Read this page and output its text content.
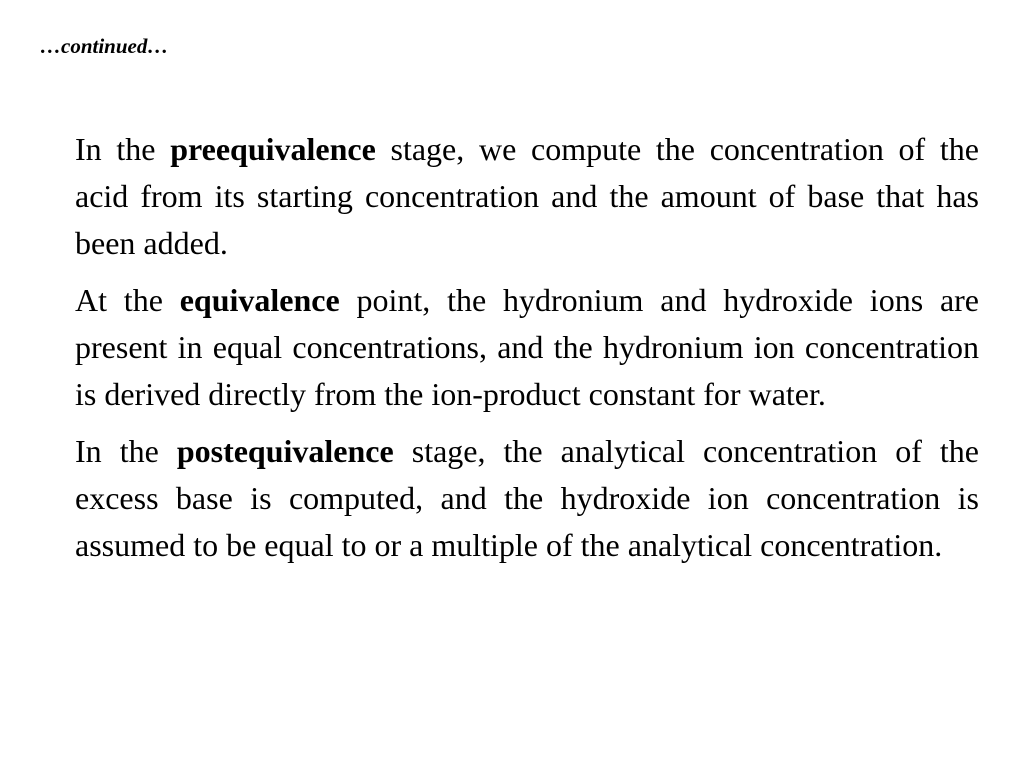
…continued…

In the preequivalence stage, we compute the concentration of the acid from its starting concentration and the amount of base that has been added.

At the equivalence point, the hydronium and hydroxide ions are present in equal concentrations, and the hydronium ion concentration is derived directly from the ion-product constant for water.

In the postequivalence stage, the analytical concentration of the excess base is computed, and the hydroxide ion concentration is assumed to be equal to or a multiple of the analytical concentration.
